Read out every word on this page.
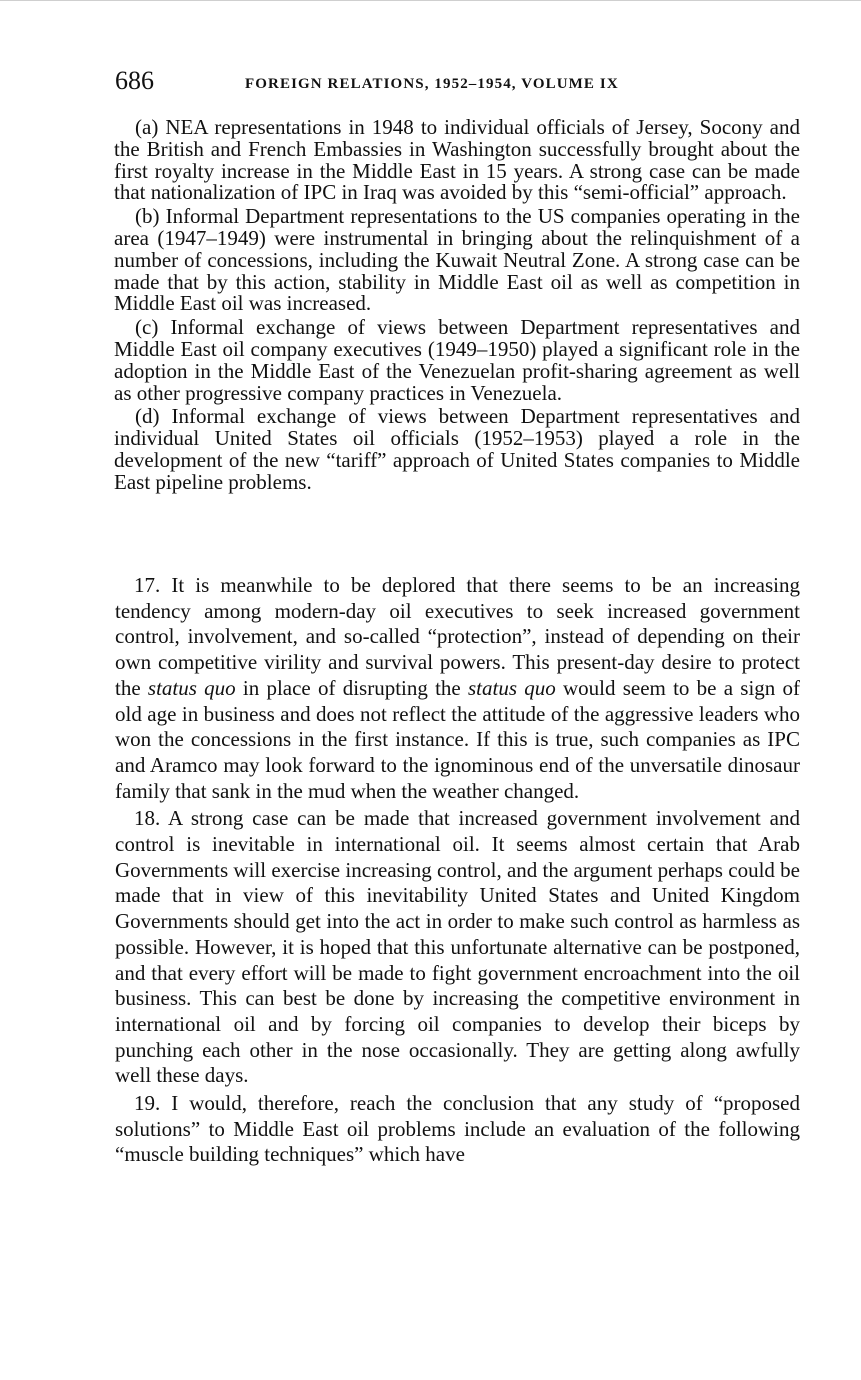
686	FOREIGN RELATIONS, 1952–1954, VOLUME IX

(a) NEA representations in 1948 to individual officials of Jersey, Socony and the British and French Embassies in Washington successfully brought about the first royalty increase in the Middle East in 15 years. A strong case can be made that nationalization of IPC in Iraq was avoided by this “semi-official” approach.

(b) Informal Department representations to the US companies operating in the area (1947–1949) were instrumental in bringing about the relinquishment of a number of concessions, including the Kuwait Neutral Zone. A strong case can be made that by this action, stability in Middle East oil as well as competition in Middle East oil was increased.

(c) Informal exchange of views between Department representatives and Middle East oil company executives (1949–1950) played a significant role in the adoption in the Middle East of the Venezuelan profit-sharing agreement as well as other progressive company practices in Venezuela.

(d) Informal exchange of views between Department representatives and individual United States oil officials (1952–1953) played a role in the development of the new “tariff” approach of United States companies to Middle East pipeline problems.

17. It is meanwhile to be deplored that there seems to be an increasing tendency among modern-day oil executives to seek increased government control, involvement, and so-called “protection”, instead of depending on their own competitive virility and survival powers. This present-day desire to protect the status quo in place of disrupting the status quo would seem to be a sign of old age in business and does not reflect the attitude of the aggressive leaders who won the concessions in the first instance. If this is true, such companies as IPC and Aramco may look forward to the ignominous end of the unversatile dinosaur family that sank in the mud when the weather changed.

18. A strong case can be made that increased government involvement and control is inevitable in international oil. It seems almost certain that Arab Governments will exercise increasing control, and the argument perhaps could be made that in view of this inevitability United States and United Kingdom Governments should get into the act in order to make such control as harmless as possible. However, it is hoped that this unfortunate alternative can be postponed, and that every effort will be made to fight government encroachment into the oil business. This can best be done by increasing the competitive environment in international oil and by forcing oil companies to develop their biceps by punching each other in the nose occasionally. They are getting along awfully well these days.

19. I would, therefore, reach the conclusion that any study of “proposed solutions” to Middle East oil problems include an evaluation of the following “muscle building techniques” which have
